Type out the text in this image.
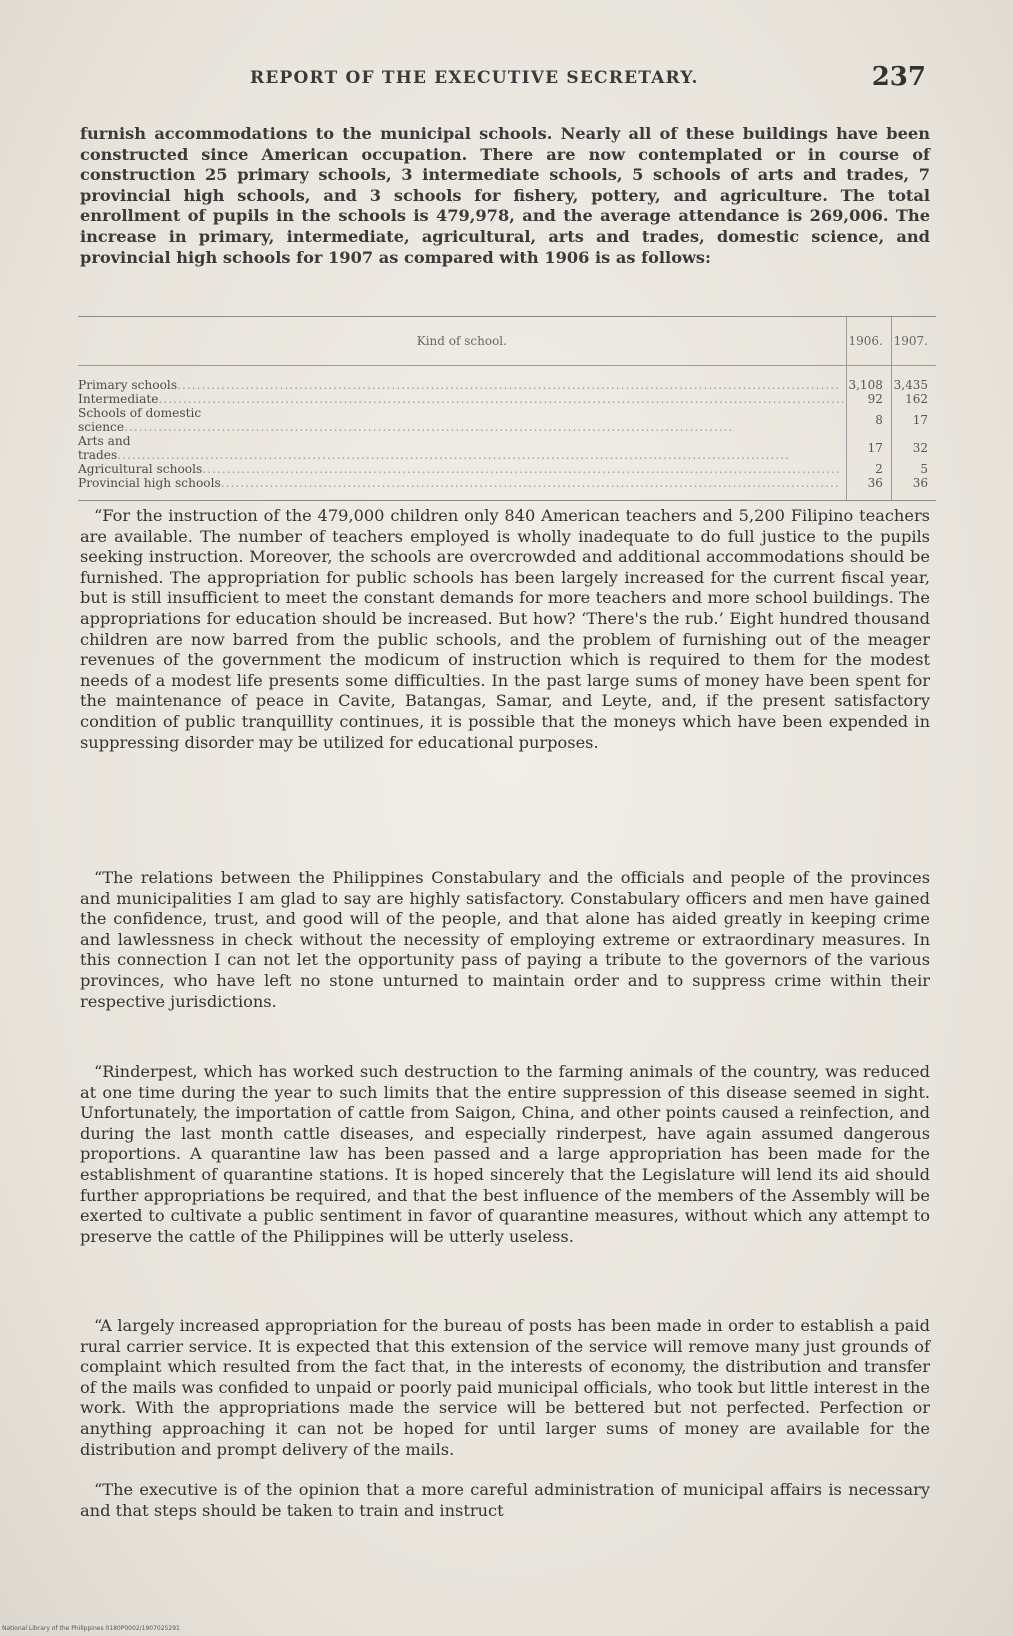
REPORT OF THE EXECUTIVE SECRETARY.	237
furnish accommodations to the municipal schools. Nearly all of these buildings have been constructed since American occupation. There are now contemplated or in course of construction 25 primary schools, 3 intermediate schools, 5 schools of arts and trades, 7 provincial high schools, and 3 schools for fishery, pottery, and agriculture. The total enrollment of pupils in the schools is 479,978, and the average attendance is 269,006. The increase in primary, intermediate, agricultural, arts and trades, domestic science, and provincial high schools for 1907 as compared with 1906 is as follows:
Kind of school.	1906.	1907.
Primary schools........................................................................................................................................	3,108	3,435
Intermediate.............................................................................................................................................	92	162
Schools of domestic science.............................................................................................................................	8	17
Arts and trades..........................................................................................................................................	17	32
Agricultural schools...................................................................................................................................	2	5
Provincial high schools...............................................................................................................................	36	36
“For the instruction of the 479,000 children only 840 American teachers and 5,200 Filipino teachers are available. The number of teachers employed is wholly inadequate to do full justice to the pupils seeking instruction. Moreover, the schools are overcrowded and additional accommodations should be furnished. The appropriation for public schools has been largely increased for the current fiscal year, but is still insufficient to meet the constant demands for more teachers and more school buildings. The appropriations for education should be increased. But how? ‘There's the rub.’ Eight hundred thousand children are now barred from the public schools, and the problem of furnishing out of the meager revenues of the government the modicum of instruction which is required to them for the modest needs of a modest life presents some difficulties. In the past large sums of money have been spent for the maintenance of peace in Cavite, Batangas, Samar, and Leyte, and, if the present satisfactory condition of public tranquillity continues, it is possible that the moneys which have been expended in suppressing disorder may be utilized for educational purposes.
“The relations between the Philippines Constabulary and the officials and people of the provinces and municipalities I am glad to say are highly satisfactory. Constabulary officers and men have gained the confidence, trust, and good will of the people, and that alone has aided greatly in keeping crime and lawlessness in check without the necessity of employing extreme or extraordinary measures. In this connection I can not let the opportunity pass of paying a tribute to the governors of the various provinces, who have left no stone unturned to maintain order and to suppress crime within their respective jurisdictions.
“Rinderpest, which has worked such destruction to the farming animals of the country, was reduced at one time during the year to such limits that the entire suppression of this disease seemed in sight. Unfortunately, the importation of cattle from Saigon, China, and other points caused a reinfection, and during the last month cattle diseases, and especially rinderpest, have again assumed dangerous proportions. A quarantine law has been passed and a large appropriation has been made for the establishment of quarantine stations. It is hoped sincerely that the Legislature will lend its aid should further appropriations be required, and that the best influence of the members of the Assembly will be exerted to cultivate a public sentiment in favor of quarantine measures, without which any attempt to preserve the cattle of the Philippines will be utterly useless.
“A largely increased appropriation for the bureau of posts has been made in order to establish a paid rural carrier service. It is expected that this extension of the service will remove many just grounds of complaint which resulted from the fact that, in the interests of economy, the distribution and transfer of the mails was confided to unpaid or poorly paid municipal officials, who took but little interest in the work. With the appropriations made the service will be bettered but not perfected. Perfection or anything approaching it can not be hoped for until larger sums of money are available for the distribution and prompt delivery of the mails.
“The executive is of the opinion that a more careful administration of municipal affairs is necessary and that steps should be taken to train and instruct
National Library of the Philippines 0180P0002/1907025291
